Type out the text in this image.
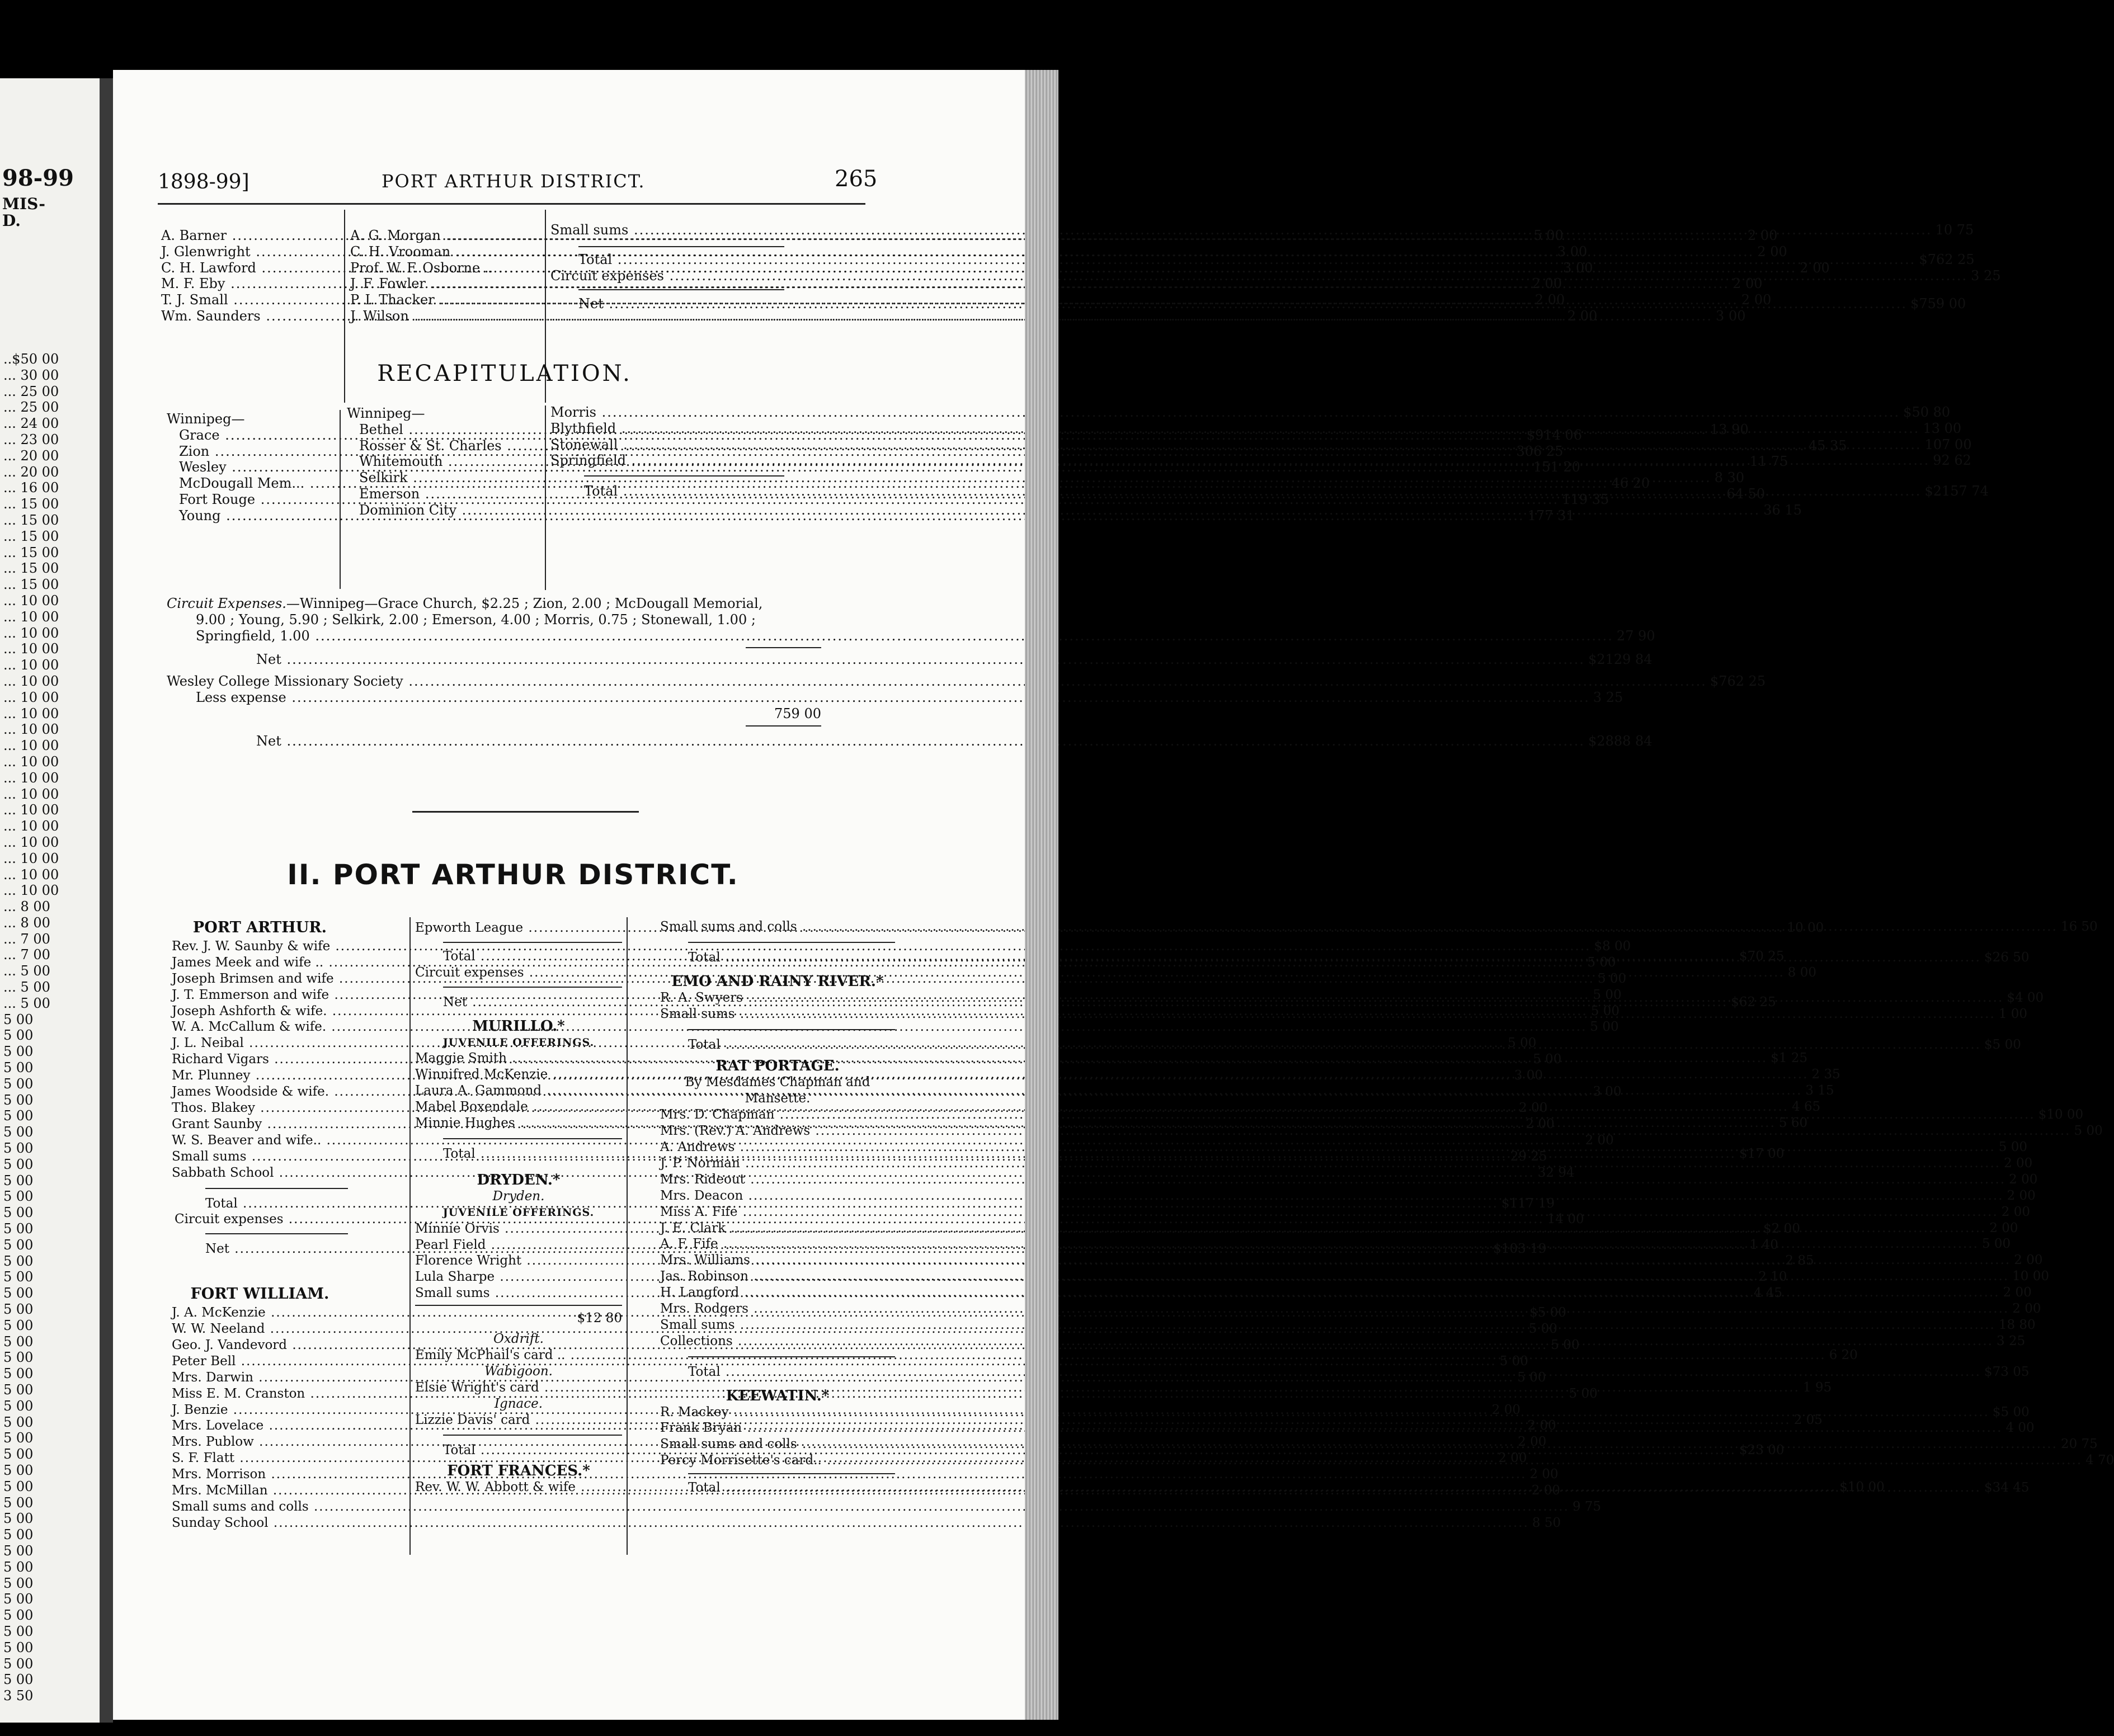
98-99
MIS-
D.
..$50 00
... 30 00
... 25 00
... 25 00
... 24 00
... 23 00
... 20 00
... 20 00
... 16 00
... 15 00
... 15 00
... 15 00
... 15 00
... 15 00
... 15 00
... 10 00
... 10 00
... 10 00
... 10 00
... 10 00
... 10 00
... 10 00
... 10 00
... 10 00
... 10 00
... 10 00
... 10 00
... 10 00
... 10 00
... 10 00
... 10 00
... 10 00
... 10 00
... 10 00
... 8 00
... 8 00
... 7 00
... 7 00
... 5 00
... 5 00
... 5 00
5 00
5 00
5 00
5 00
5 00
5 00
5 00
5 00
5 00
5 00
5 00
5 00
5 00
5 00
5 00
5 00
5 00
5 00
5 00
5 00
5 00
5 00
5 00
5 00
5 00
5 00
5 00
5 00
5 00
5 00
5 00
5 00
5 00
5 00
5 00
5 00
5 00
5 00
5 00
5 00
5 00
5 00
3 50
1898-99]	PORT ARTHUR DISTRICT.	265
A. Barner .....	5 00
J. Glenwright .....	3 00
C. H. Lawford .....	3 00
M. F. Eby .....	2 00
T. J. Small .....	2 00
Wm. Saunders .....	2 00
A. G. Morgan .....	2 00
C. H. Vrooman .....	2 00
Prof. W. F. Osborne .. .....	2 00
J. F. Fowler .....	2 00
P. I. Thacker .....	2 00
J. Wilson .....	3 00
Small sums .....	10 75
Total .....	$762 25
Circuit expenses .....	3 25
Net .....	$759 00
RECAPITULATION.
Winnipeg—
Grace .....	$914 06
Zion .....	306 25
Wesley .....	151 20
McDougall Mem... .....	46 20
Fort Rouge .....	119 35
Young .....	177 31
Winnipeg—
Bethel .....	13 90
Rosser & St. Charles .....	45 35
Whitemouth .....	11 75
Selkirk .....	8 30
Emerson .....	64 50
Dominion City .....	36 15
Morris .....	$50 80
Blythfield .....	13 00
Stonewall .....	107 00
Springfield .....	92 62
Total .....	$2157 74
Circuit Expenses.—Winnipeg—Grace Church, $2.25 ; Zion, 2.00 ; McDougall Memorial,
9.00 ; Young, 5.90 ; Selkirk, 2.00 ; Emerson, 4.00 ; Morris, 0.75 ; Stonewall, 1.00 ;
Springfield, 1.00 .....	27 90
Net .....	$2129 84
Wesley College Missionary Society .....	$762 25
Less expense .....	3 25
759 00
Net .....	$2888 84
II. PORT ARTHUR DISTRICT.
PORT ARTHUR.
Rev. J. W. Saunby & wife .....	$8 00
James Meek and wife .. .....	5 00
Joseph Brimsen and wife .....	5 00
J. T. Emmerson and wife .....	5 00
Joseph Ashforth & wife. .....	5 00
W. A. McCallum & wife. .....	5 00
J. L. Neibal .....	5 00
Richard Vigars .....	5 00
Mr. Plunney .....	3 00
James Woodside & wife. .....	3 00
Thos. Blakey .....	2 00
Grant Saunby .....	2 00
W. S. Beaver and wife.. .....	2 00
Small sums .....	29 25
Sabbath School .....	32 94
Total .....	$117 19
Circuit expenses .....	14 00
Net .....	$103 19
FORT WILLIAM.
J. A. McKenzie .....	$5 00
W. W. Neeland .....	5 00
Geo. J. Vandevord .....	5 00
Peter Bell .....	5 00
Mrs. Darwin .....	5 00
Miss E. M. Cranston .....	5 00
J. Benzie .....	2 00
Mrs. Lovelace .....	2 00
Mrs. Publow .....	2 00
S. F. Flatt .....	2 00
Mrs. Morrison .....	2 00
Mrs. McMillan .....	2 00
Small sums and colls .....	9 75
Sunday School .....	8 50
Epworth League .....	10 00
Total .....	$70 25
Circuit expenses .....	8 00
Net .....	$62 25
MURILLO.*
JUVENILE OFFERINGS.
Maggie Smith .....	$1 25
Winnifred McKenzie .....	2 35
Laura A. Gammond .....	3 15
Mabel Boxendale .....	4 65
Minnie Hughes .....	5 60
Total .....	$17 00
DRYDEN.*
Dryden.
JUVENILE OFFERINGS.
Minnie Orvis .....	$2 00
Pearl Field .....	1 40
Florence Wright .....	2 85
Lula Sharpe .....	2 10
Small sums .....	4 45
$12 80
Oxdrift.
Emily McPhail's card .. .....	6 20
Wabigoon.
Elsie Wright's card .....	1 95
Ignace.
Lizzie Davis' card .....	2 05
Total .....	$23 00
FORT FRANCES.*
Rev. W. W. Abbott & wife .....	$10 00
Small sums and colls .....	16 50
Total .....	$26 50
EMO AND RAINY RIVER.*
R. A. Swyers .....	$4 00
Small sums .....	1 00
Total .....	$5 00
RAT PORTAGE.
By Mesdames Chapman and
Mansette.
Mrs. D. Chapman .....	$10 00
Mrs. (Rev.) A. Andrews .....	5 00
A. Andrews .....	5 00
J. P. Norman .....	2 00
Mrs. Rideout .....	2 00
Mrs. Deacon .....	2 00
Miss A. Fife .....	2 00
J. E. Clark .....	2 00
A. F. Fife .....	5 00
Mrs. Williams .....	2 00
Jas. Robinson .....	10 00
H. Langford .....	2 00
Mrs. Rodgers .....	2 00
Small sums .....	18 80
Collections .....	3 25
Total .....	$73 05
KEEWATIN.*
R. Mackey .....	$5 00
Frank Bryan .....	4 00
Small sums and colls .....	20 75
Percy Morrisette's card.. .....	4 70
Total .....	$34 45
